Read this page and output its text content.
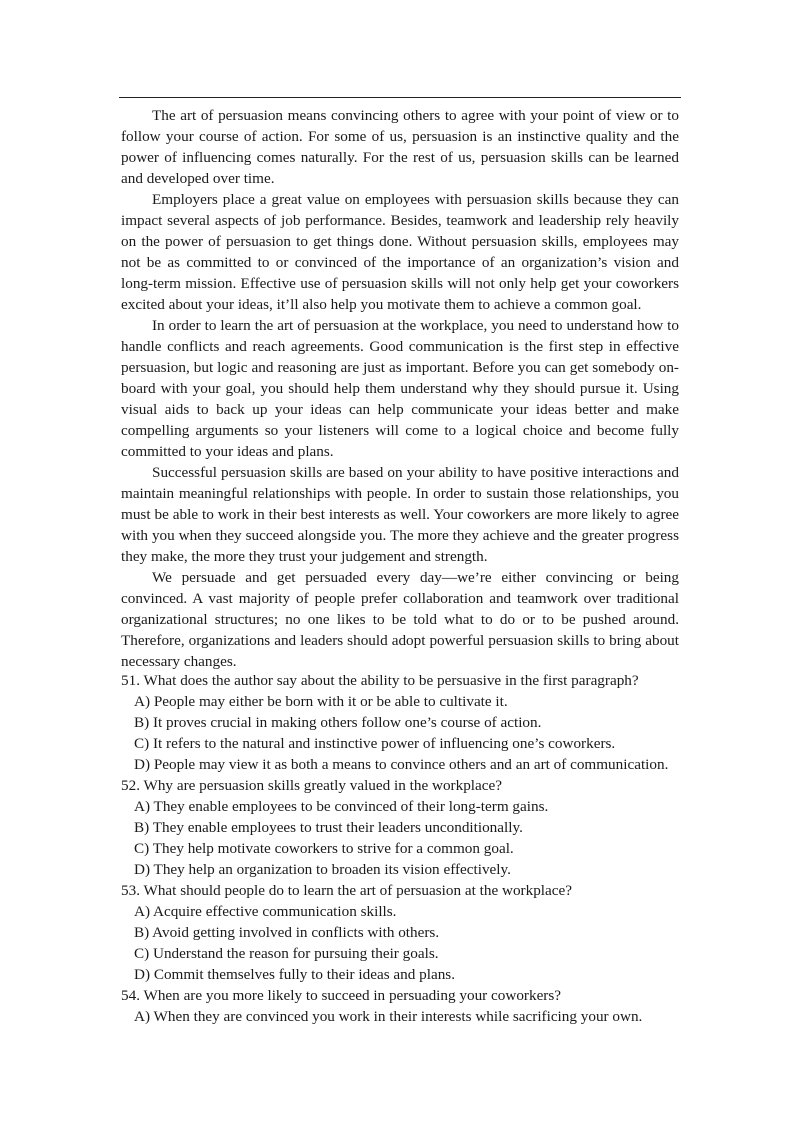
The art of persuasion means convincing others to agree with your point of view or to follow your course of action. For some of us, persuasion is an instinctive quality and the power of influencing comes naturally. For the rest of us, persuasion skills can be learned and developed over time.

Employers place a great value on employees with persuasion skills because they can impact several aspects of job performance. Besides, teamwork and leadership rely heavily on the power of persuasion to get things done. Without persuasion skills, employees may not be as committed to or convinced of the importance of an organization’s vision and long-term mission. Effective use of persuasion skills will not only help get your coworkers excited about your ideas, it’ll also help you motivate them to achieve a common goal.

In order to learn the art of persuasion at the workplace, you need to understand how to handle conflicts and reach agreements. Good communication is the first step in effective persuasion, but logic and reasoning are just as important. Before you can get somebody on-board with your goal, you should help them understand why they should pursue it. Using visual aids to back up your ideas can help communicate your ideas better and make compelling arguments so your listeners will come to a logical choice and become fully committed to your ideas and plans.

Successful persuasion skills are based on your ability to have positive interactions and maintain meaningful relationships with people. In order to sustain those relationships, you must be able to work in their best interests as well. Your coworkers are more likely to agree with you when they succeed alongside you. The more they achieve and the greater progress they make, the more they trust your judgement and strength.

We persuade and get persuaded every day—we’re either convincing or being convinced. A vast majority of people prefer collaboration and teamwork over traditional organizational structures; no one likes to be told what to do or to be pushed around. Therefore, organizations and leaders should adopt powerful persuasion skills to bring about necessary changes.

51. What does the author say about the ability to be persuasive in the first paragraph?

A) People may either be born with it or be able to cultivate it.

B) It proves crucial in making others follow one’s course of action.

C) It refers to the natural and instinctive power of influencing one’s coworkers.

D) People may view it as both a means to convince others and an art of communication.

52. Why are persuasion skills greatly valued in the workplace?

A) They enable employees to be convinced of their long-term gains.

B) They enable employees to trust their leaders unconditionally.

C) They help motivate coworkers to strive for a common goal.

D) They help an organization to broaden its vision effectively.

53. What should people do to learn the art of persuasion at the workplace?

A) Acquire effective communication skills.

B) Avoid getting involved in conflicts with others.

C) Understand the reason for pursuing their goals.

D) Commit themselves fully to their ideas and plans.

54. When are you more likely to succeed in persuading your coworkers?

A) When they are convinced you work in their interests while sacrificing your own.
